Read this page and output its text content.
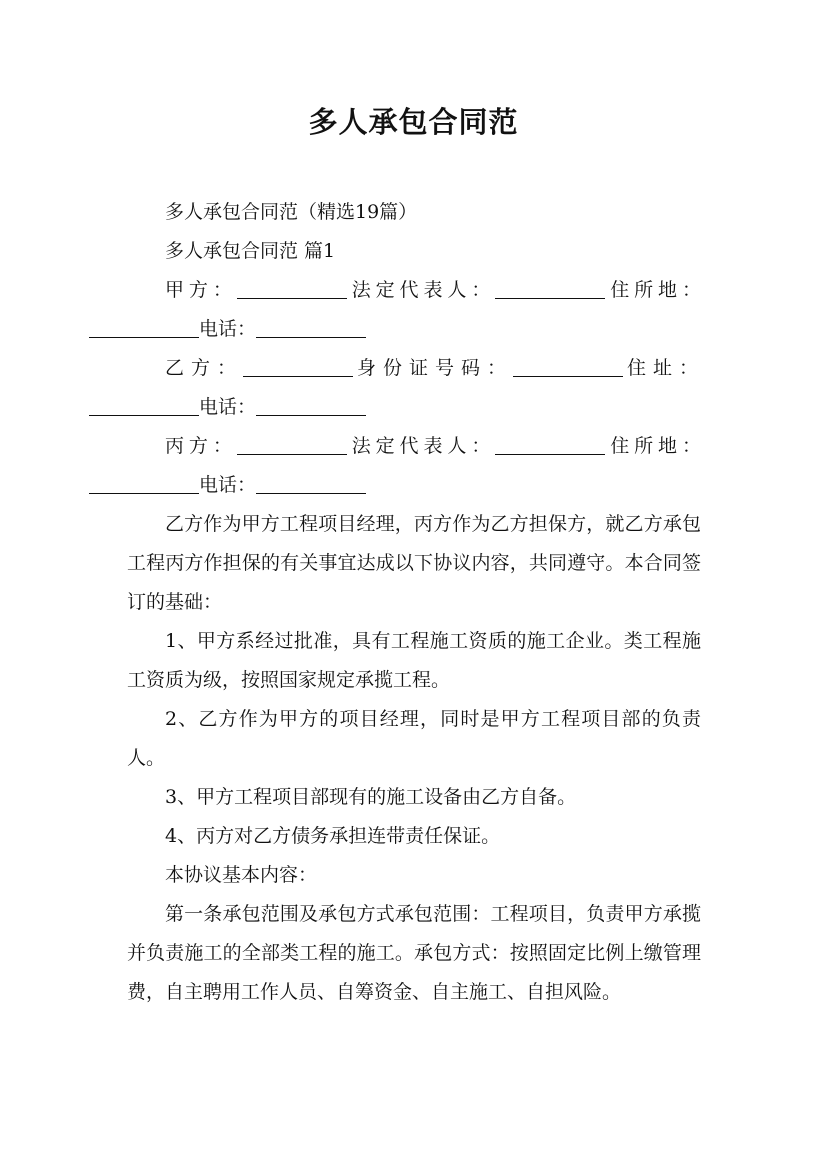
多人承包合同范

多人承包合同范（精选19篇）

多人承包合同范 篇1

甲方：	法定代表人：	住所地：电话：

乙方：	身份证号码：	住址：电话：

丙方：	法定代表人：	住所地：电话：

乙方作为甲方工程项目经理，丙方作为乙方担保方，就乙方承包工程丙方作担保的有关事宜达成以下协议内容，共同遵守。本合同签订的基础：

1、甲方系经过批准，具有工程施工资质的施工企业。类工程施工资质为级，按照国家规定承揽工程。

2、乙方作为甲方的项目经理，同时是甲方工程项目部的负责人。

3、甲方工程项目部现有的施工设备由乙方自备。

4、丙方对乙方债务承担连带责任保证。

本协议基本内容：

第一条承包范围及承包方式承包范围：工程项目，负责甲方承揽并负责施工的全部类工程的施工。承包方式：按照固定比例上缴管理费，自主聘用工作人员、自筹资金、自主施工、自担风险。
